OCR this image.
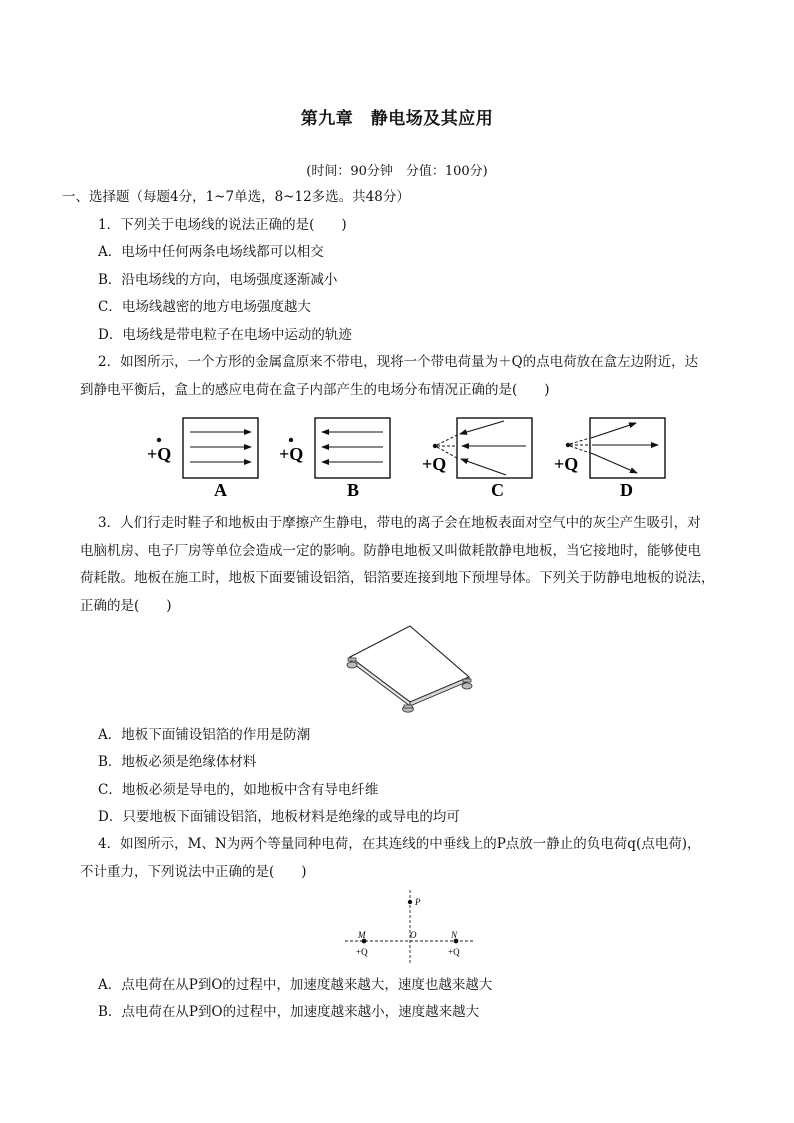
第九章　静电场及其应用
(时间：90分钟　分值：100分)
一、选择题（每题4分，1~7单选，8~12多选。共48分）
1．下列关于电场线的说法正确的是(　　)
A．电场中任何两条电场线都可以相交
B．沿电场线的方向，电场强度逐渐减小
C．电场线越密的地方电场强度越大
D．电场线是带电粒子在电场中运动的轨迹
2．如图所示，一个方形的金属盒原来不带电，现将一个带电荷量为＋Q的点电荷放在盒左边附近，达
到静电平衡后，盒上的感应电荷在盒子内部产生的电场分布情况正确的是(　　)
+Q
A
+Q
B
+Q
C
+Q
D
3．人们行走时鞋子和地板由于摩擦产生静电，带电的离子会在地板表面对空气中的灰尘产生吸引，对
电脑机房、电子厂房等单位会造成一定的影响。防静电地板又叫做耗散静电地板，当它接地时，能够使电
荷耗散。地板在施工时，地板下面要铺设铝箔，铝箔要连接到地下预埋导体。下列关于防静电地板的说法，
正确的是(　　)
A．地板下面铺设铝箔的作用是防潮
B．地板必须是绝缘体材料
C．地板必须是导电的，如地板中含有导电纤维
D．只要地板下面铺设铝箔，地板材料是绝缘的或导电的均可
4．如图所示，M、N为两个等量同种电荷，在其连线的中垂线上的P点放一静止的负电荷q(点电荷)，
不计重力，下列说法中正确的是(　　)
P
M	N
O
+Q	+Q
A．点电荷在从P到O的过程中，加速度越来越大，速度也越来越大
B．点电荷在从P到O的过程中，加速度越来越小，速度越来越大
